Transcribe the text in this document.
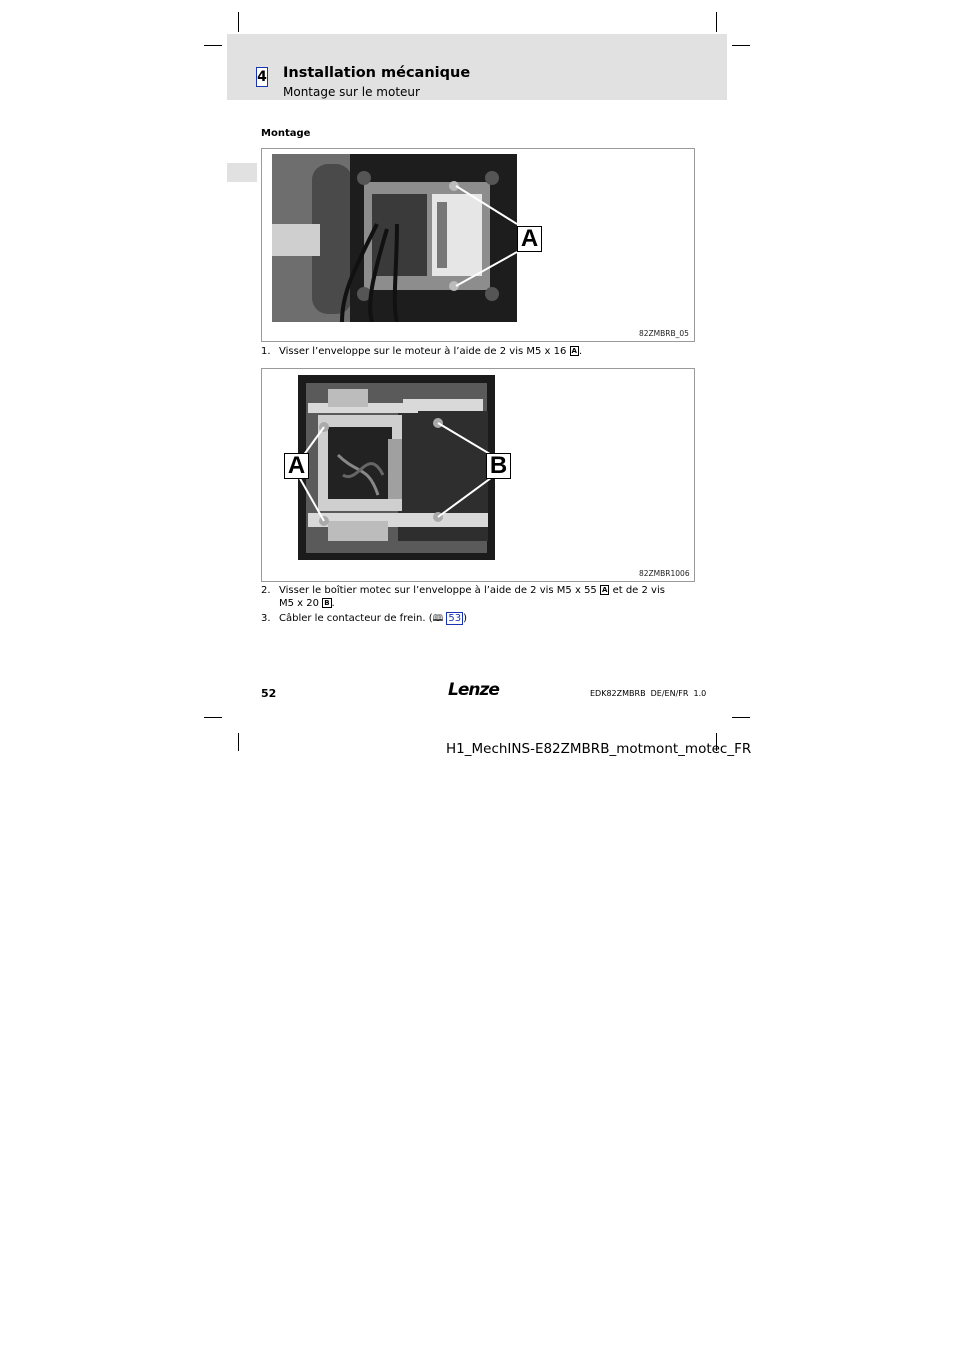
4 Installation mécanique
Montage sur le moteur
Montage
A
82ZMBRB_05
1. Visser l’enveloppe sur le moteur à l’aide de 2 vis M5 x 16 A .
A	B
82ZMBR1006
2. Visser le boîtier motec sur l’enveloppe à l’aide de 2 vis M5 x 55 A et de 2 vis
M5 x 20 B .
3. Câbler le contacteur de frein. (🕮 53 )
52	Lenze	EDK82ZMBRB  DE/EN/FR  1.0
H1_MechINS-E82ZMBRB_motmont_motec_FR
